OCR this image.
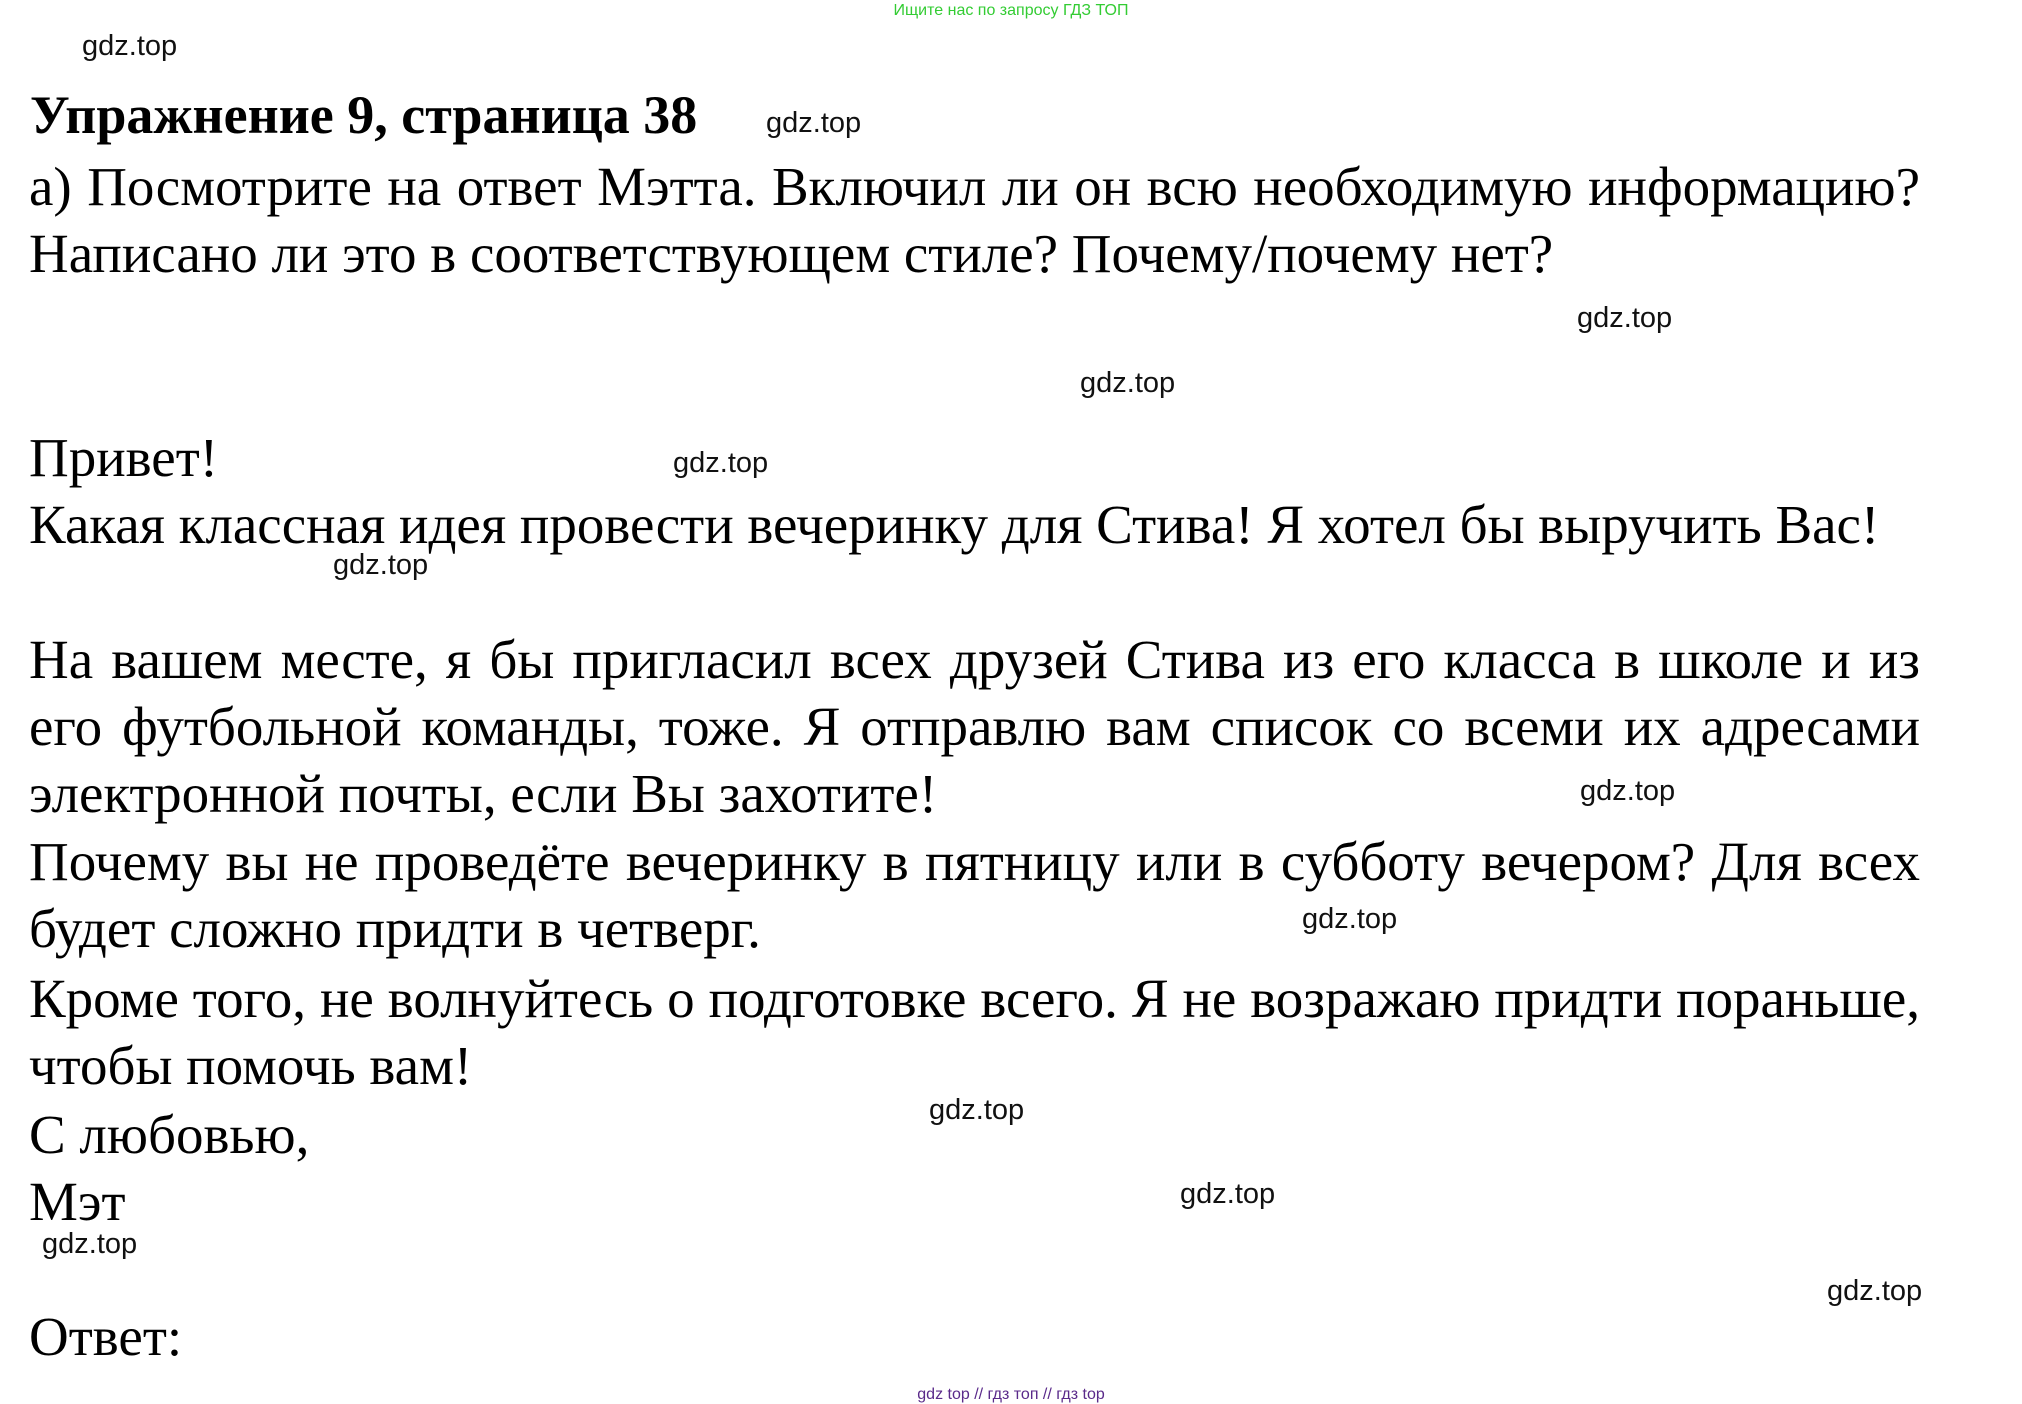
Ищите нас по запросу ГДЗ ТОП
gdz.top
Упражнение 9, страница 38 gdz.top
а) Посмотрите на ответ Мэтта. Включил ли он всю необходимую информацию? Написано ли это в соответствующем стиле? Почему/почему нет?
gdz.top
gdz.top
Привет!	gdz.top
Какая классная идея провести вечеринку для Стива! Я хотел бы выручить Вас!
gdz.top
На вашем месте, я бы пригласил всех друзей Стива из его класса в школе и из его футбольной команды, тоже. Я отправлю вам список со всеми их адресами электронной почты, если Вы захотите!	gdz.top
Почему вы не проведёте вечеринку в пятницу или в субботу вечером? Для всех будет сложно придти в четверг.	gdz.top
Кроме того, не волнуйтесь о подготовке всего. Я не возражаю придти пораньше, чтобы помочь вам!
С любовью,	gdz.top
Мэт	gdz.top
gdz.top
gdz.top
Ответ:
gdz top // гдз топ // гдз top
